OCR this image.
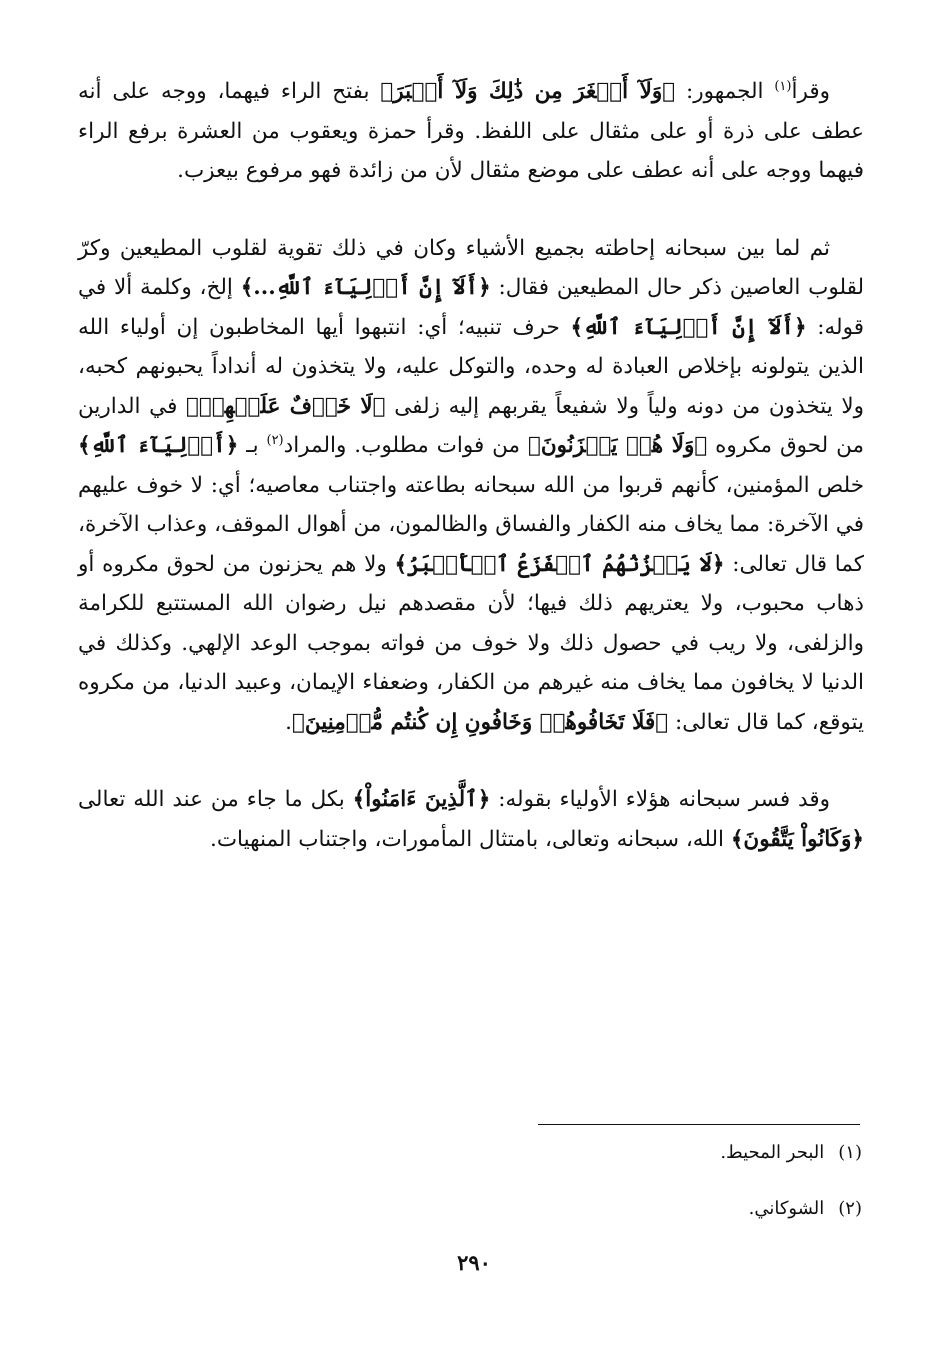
وقرأ$^{(١)}$ الجمهور: ﴿وَلَآ أَصۡغَرَ مِن ذَٰلِكَ وَلَآ أَكۡبَرَ﴾ بفتح الراء فيهما، ووجه على أنه عطف على ذرة أو على مثقال على اللفظ. وقرأ حمزة ويعقوب من العشرة برفع الراء فيهما ووجه على أنه عطف على موضع مثقال لأن من زائدة فهو مرفوع بيعزب.

ثم لما بين سبحانه إحاطته بجميع الأشياء وكان في ذلك تقوية لقلوب المطيعين وكرّ لقلوب العاصين ذكر حال المطيعين فقال: ﴿أَلَآ إِنَّ أَوۡلِيَآءَ ٱللَّهِ...﴾ إلخ، وكلمة ألا في قوله: ﴿أَلَآ إِنَّ أَوۡلِيَآءَ ٱللَّهِ﴾ حرف تنبيه؛ أي: انتبهوا أيها المخاطبون إن أولياء الله الذين يتولونه بإخلاص العبادة له وحده، والتوكل عليه، ولا يتخذون له أنداداً يحبونهم كحبه، ولا يتخذون من دونه ولياً ولا شفيعاً يقربهم إليه زلفى ﴿لَا خَوۡفٌ عَلَيۡهِمۡ﴾ في الدارين من لحوق مكروه ﴿وَلَا هُمۡ يَحۡزَنُونَ﴾ من فوات مطلوب. والمراد$^{(٢)}$ بـ ﴿أَوۡلِيَآءَ ٱللَّهِ﴾ خلص المؤمنين، كأنهم قربوا من الله سبحانه بطاعته واجتناب معاصيه؛ أي: لا خوف عليهم في الآخرة: مما يخاف منه الكفار والفساق والظالمون، من أهوال الموقف، وعذاب الآخرة، كما قال تعالى: ﴿لَا يَحۡزُنُهُمُ ٱلۡفَزَعُ ٱلۡأَكۡبَرُ﴾ ولا هم يحزنون من لحوق مكروه أو ذهاب محبوب، ولا يعتريهم ذلك فيها؛ لأن مقصدهم نيل رضوان الله المستتبع للكرامة والزلفى، ولا ريب في حصول ذلك ولا خوف من فواته بموجب الوعد الإلهي. وكذلك في الدنيا لا يخافون مما يخاف منه غيرهم من الكفار، وضعفاء الإيمان، وعبيد الدنيا، من مكروه يتوقع، كما قال تعالى: ﴿فَلَا تَخَافُوهُمۡ وَخَافُونِ إِن كُنتُم مُّؤۡمِنِينَ﴾.

وقد فسر سبحانه هؤلاء الأولياء بقوله: ﴿ٱلَّذِينَ ءَامَنُواْ﴾ بكل ما جاء من عند الله تعالى ﴿وَكَانُواْ يَتَّقُونَ﴾ الله، سبحانه وتعالى، بامتثال المأمورات، واجتناب المنهيات.

(١)البحر المحيط.

(٢)الشوكاني.

٢٩٠
